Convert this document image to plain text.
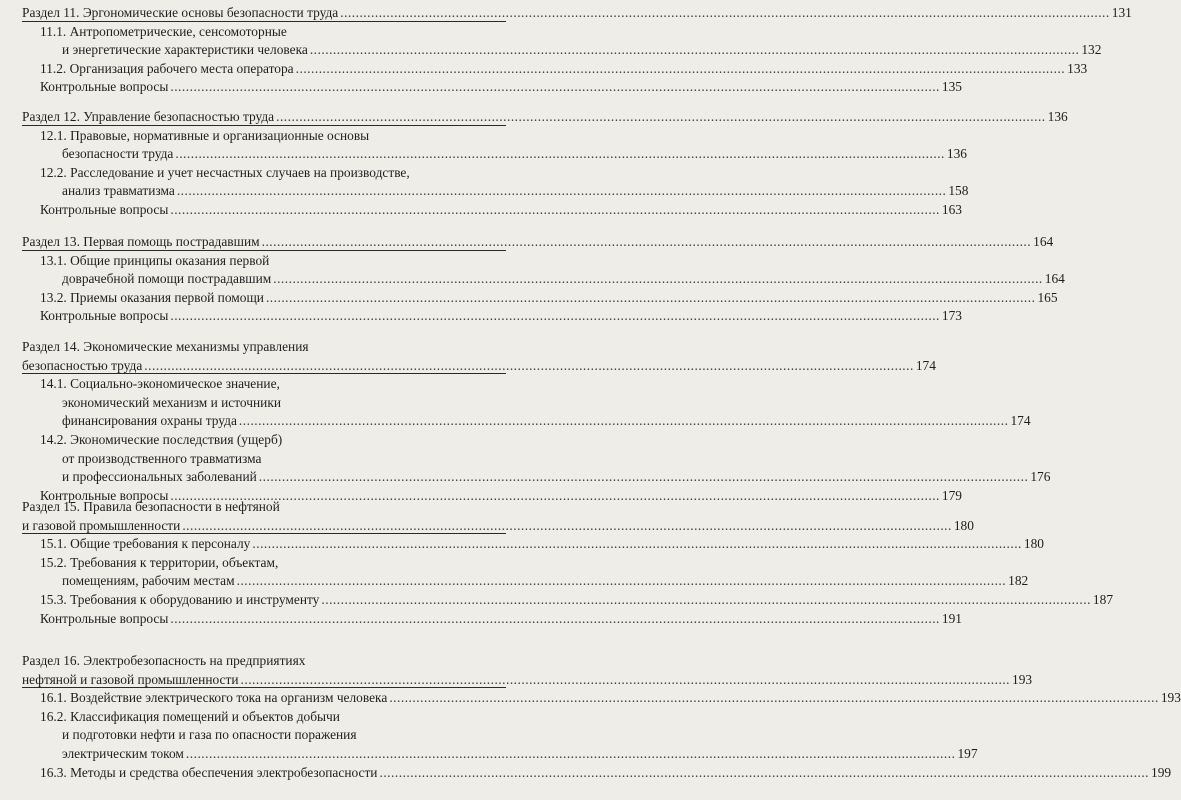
Раздел 11. Эргономические основы безопасности труда ........................................................................................................................................................................................................ 131
11.1. Антропометрические, сенсомоторные
и энергетические характеристики человека ........................................................................................................................................................................................................ 132
11.2. Организация рабочего места оператора ........................................................................................................................................................................................................ 133
Контрольные вопросы ........................................................................................................................................................................................................ 135
Раздел 12. Управление безопасностью труда ........................................................................................................................................................................................................ 136
12.1. Правовые, нормативные и организационные основы
безопасности труда ........................................................................................................................................................................................................ 136
12.2. Расследование и учет несчастных случаев на производстве,
анализ травматизма ........................................................................................................................................................................................................ 158
Контрольные вопросы ........................................................................................................................................................................................................ 163
Раздел 13. Первая помощь пострадавшим ........................................................................................................................................................................................................ 164
13.1. Общие принципы оказания первой
доврачебной помощи пострадавшим ........................................................................................................................................................................................................ 164
13.2. Приемы оказания первой помощи ........................................................................................................................................................................................................ 165
Контрольные вопросы ........................................................................................................................................................................................................ 173
Раздел 14. Экономические механизмы управления
безопасностью труда ........................................................................................................................................................................................................ 174
14.1. Социально-экономическое значение,
экономический механизм и источники
финансирования охраны труда ........................................................................................................................................................................................................ 174
14.2. Экономические последствия (ущерб)
от производственного травматизма
и профессиональных заболеваний ........................................................................................................................................................................................................ 176
Контрольные вопросы ........................................................................................................................................................................................................ 179
Раздел 15. Правила безопасности в нефтяной
и газовой промышленности ........................................................................................................................................................................................................ 180
15.1. Общие требования к персоналу ........................................................................................................................................................................................................ 180
15.2. Требования к территории, объектам,
помещениям, рабочим местам ........................................................................................................................................................................................................ 182
15.3. Требования к оборудованию и инструменту ........................................................................................................................................................................................................ 187
Контрольные вопросы ........................................................................................................................................................................................................ 191
Раздел 16. Электробезопасность на предприятиях
нефтяной и газовой промышленности ........................................................................................................................................................................................................ 193
16.1. Воздействие электрического тока на организм человека ........................................................................................................................................................................................................ 193
16.2. Классификация помещений и объектов добычи
и подготовки нефти и газа по опасности поражения
электрическим током ........................................................................................................................................................................................................ 197
16.3. Методы и средства обеспечения электробезопасности ........................................................................................................................................................................................................ 199
